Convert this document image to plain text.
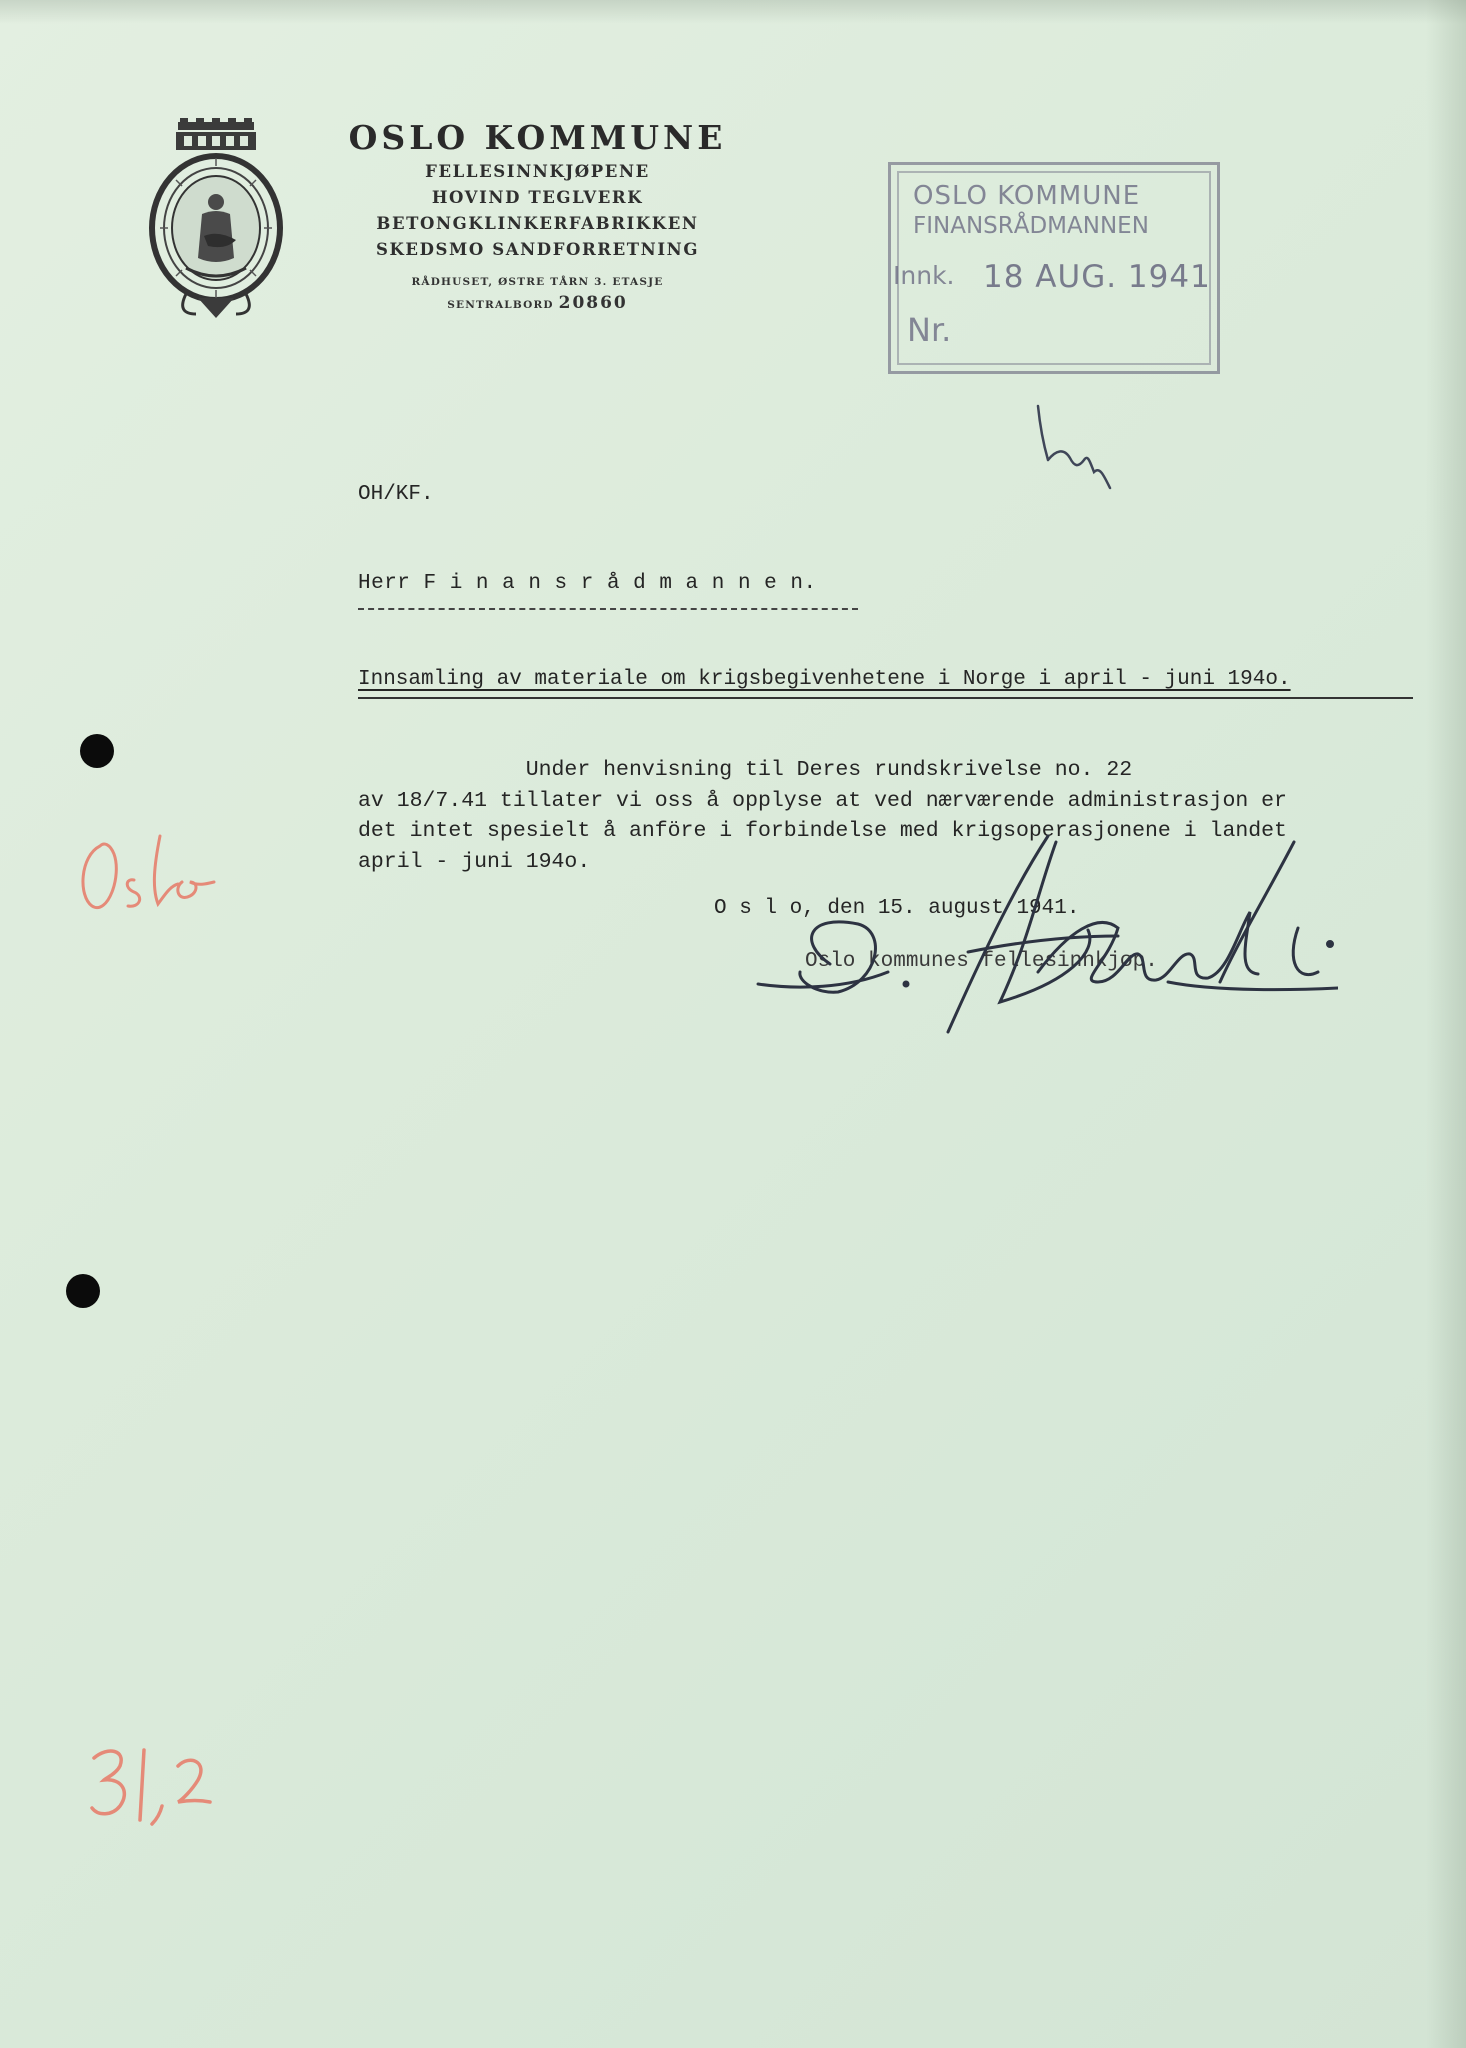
OSLO KOMMUNE
FELLESINNKJØPENE
HOVIND TEGLVERK
BETONGKLINKERFABRIKKEN
SKEDSMO SANDFORRETNING
RÅDHUSET, ØSTRE TÅRN 3. ETASJE
SENTRALBORD 20860
OSLO KOMMUNE
FINANSRÅDMANNEN
Innk. 18 AUG. 1941
Nr.
OH/KF.
Herr F i n a n s r å d m a n n e n.
Innsamling av materiale om krigsbegivenhetene i Norge i april - juni 194o.
Under henvisning til Deres rundskrivelse no. 22
av 18/7.41 tillater vi oss å opplyse at ved nærværende administrasjon er
det intet spesielt å anföre i forbindelse med krigsoperasjonene i landet
april - juni 194o.
O s l o, den 15. august 1941.
Oslo kommunes fellesinnkjøp.
